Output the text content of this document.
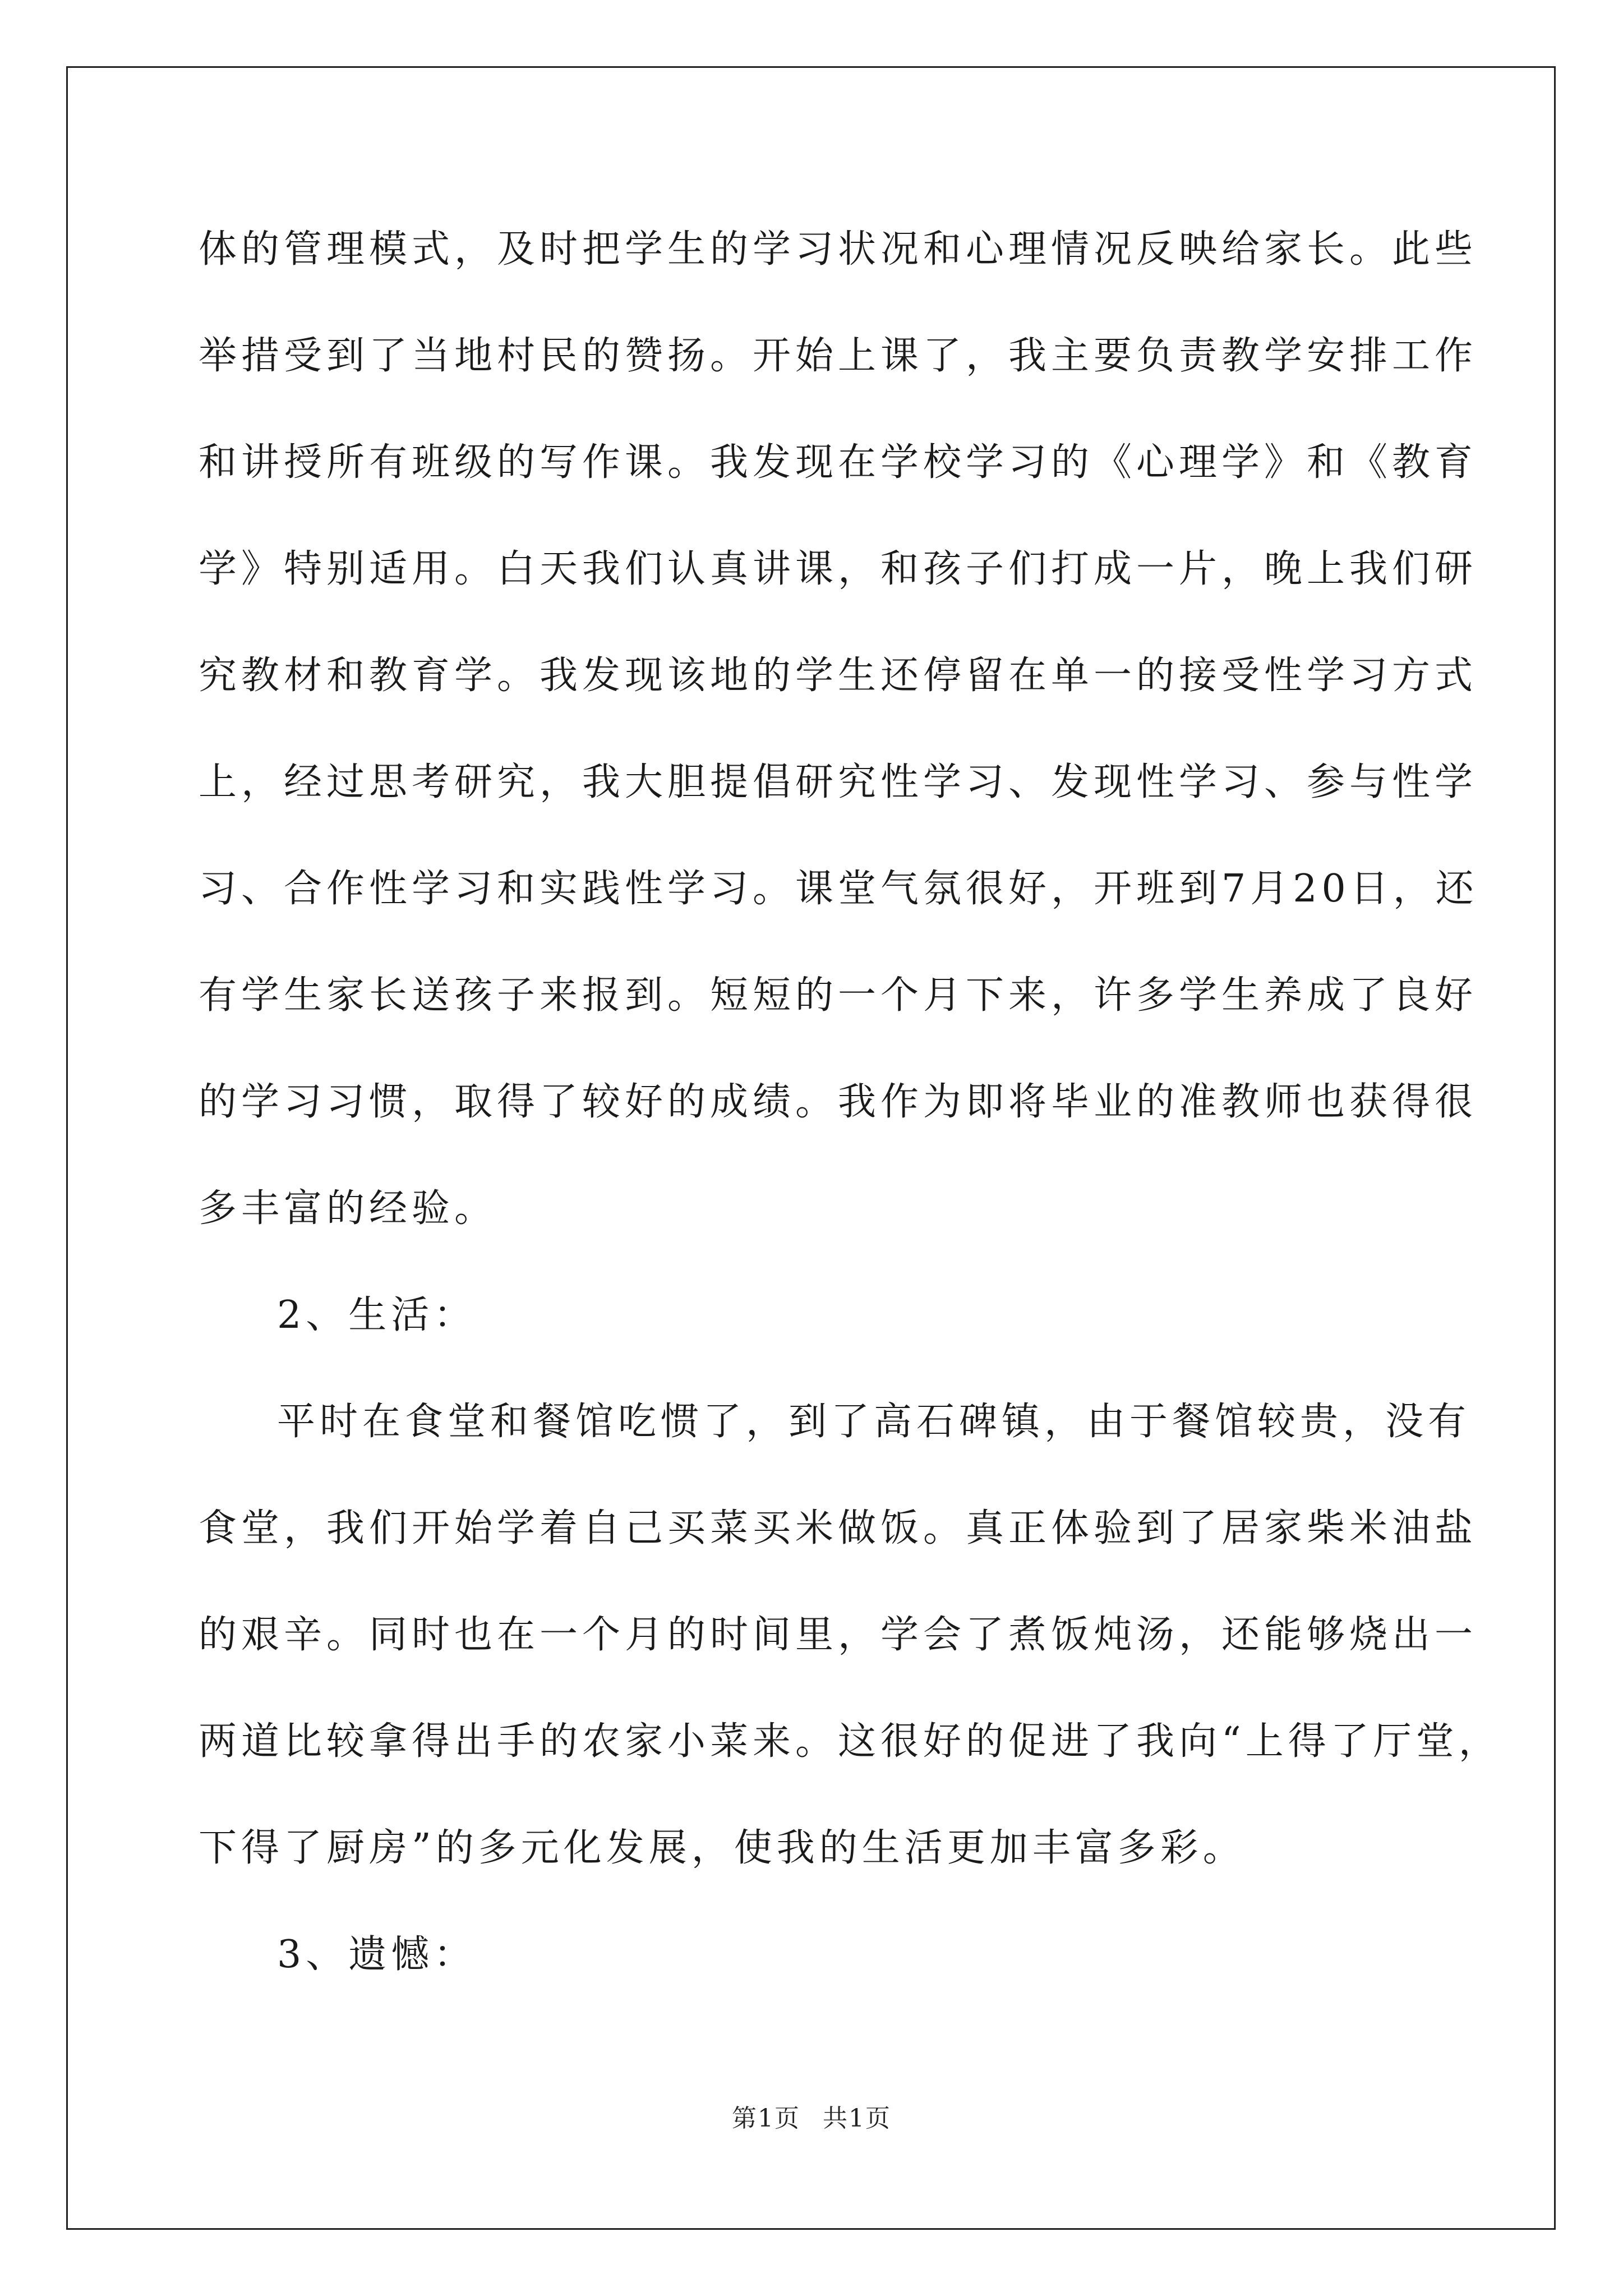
体的管理模式，及时把学生的学习状况和心理情况反映给家长。此些
举措受到了当地村民的赞扬。开始上课了，我主要负责教学安排工作
和讲授所有班级的写作课。我发现在学校学习的《心理学》和《教育
学》特别适用。白天我们认真讲课，和孩子们打成一片，晚上我们研
究教材和教育学。我发现该地的学生还停留在单一的接受性学习方式
上，经过思考研究，我大胆提倡研究性学习、发现性学习、参与性学
习、合作性学习和实践性学习。课堂气氛很好，开班到7月20日，还
有学生家长送孩子来报到。短短的一个月下来，许多学生养成了良好
的学习习惯，取得了较好的成绩。我作为即将毕业的准教师也获得很
多丰富的经验。
2、生活：
平时在食堂和餐馆吃惯了，到了高石碑镇，由于餐馆较贵，没有
食堂，我们开始学着自己买菜买米做饭。真正体验到了居家柴米油盐
的艰辛。同时也在一个月的时间里，学会了煮饭炖汤，还能够烧出一
两道比较拿得出手的农家小菜来。这很好的促进了我向“上得了厅堂，
下得了厨房”的多元化发展，使我的生活更加丰富多彩。
3、遗憾：
第1页 共1页
